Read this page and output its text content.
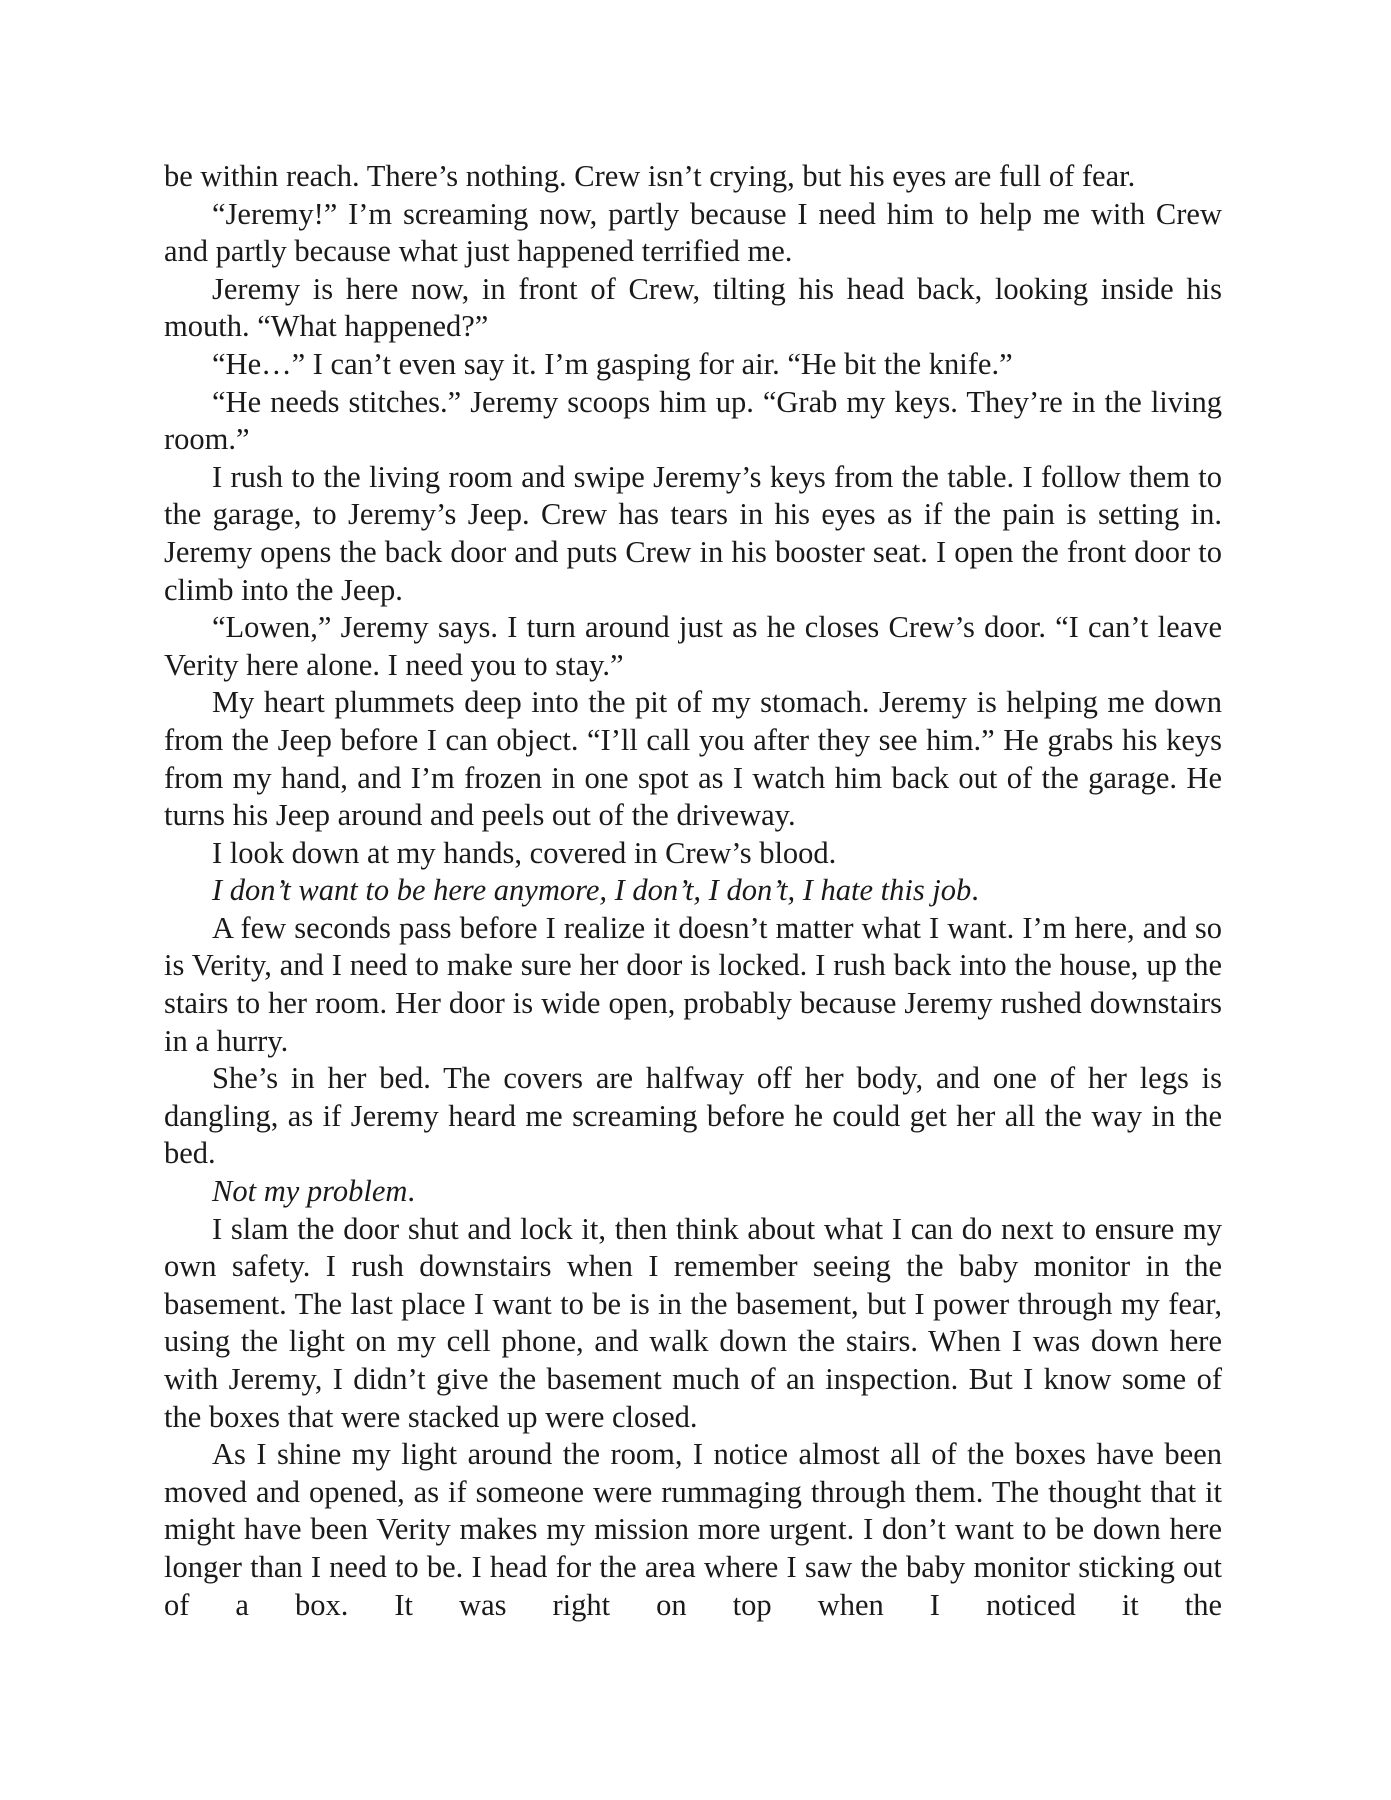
be within reach. There’s nothing. Crew isn’t crying, but his eyes are full of fear.

“Jeremy!” I’m screaming now, partly because I need him to help me with Crew and partly because what just happened terrified me.

Jeremy is here now, in front of Crew, tilting his head back, looking inside his mouth. “What happened?”

“He…” I can’t even say it. I’m gasping for air. “He bit the knife.”

“He needs stitches.” Jeremy scoops him up. “Grab my keys. They’re in the living room.”

I rush to the living room and swipe Jeremy’s keys from the table. I follow them to the garage, to Jeremy’s Jeep. Crew has tears in his eyes as if the pain is setting in. Jeremy opens the back door and puts Crew in his booster seat. I open the front door to climb into the Jeep.

“Lowen,” Jeremy says. I turn around just as he closes Crew’s door. “I can’t leave Verity here alone. I need you to stay.”

My heart plummets deep into the pit of my stomach. Jeremy is helping me down from the Jeep before I can object. “I’ll call you after they see him.” He grabs his keys from my hand, and I’m frozen in one spot as I watch him back out of the garage. He turns his Jeep around and peels out of the driveway.

I look down at my hands, covered in Crew’s blood.

I don’t want to be here anymore, I don’t, I don’t, I hate this job.

A few seconds pass before I realize it doesn’t matter what I want. I’m here, and so is Verity, and I need to make sure her door is locked. I rush back into the house, up the stairs to her room. Her door is wide open, probably because Jeremy rushed downstairs in a hurry.

She’s in her bed. The covers are halfway off her body, and one of her legs is dangling, as if Jeremy heard me screaming before he could get her all the way in the bed.

Not my problem.

I slam the door shut and lock it, then think about what I can do next to ensure my own safety. I rush downstairs when I remember seeing the baby monitor in the basement. The last place I want to be is in the basement, but I power through my fear, using the light on my cell phone, and walk down the stairs. When I was down here with Jeremy, I didn’t give the basement much of an inspection. But I know some of the boxes that were stacked up were closed.

As I shine my light around the room, I notice almost all of the boxes have been moved and opened, as if someone were rummaging through them. The thought that it might have been Verity makes my mission more urgent. I don’t want to be down here longer than I need to be. I head for the area where I saw the baby monitor sticking out of a box. It was right on top when I noticed it the
